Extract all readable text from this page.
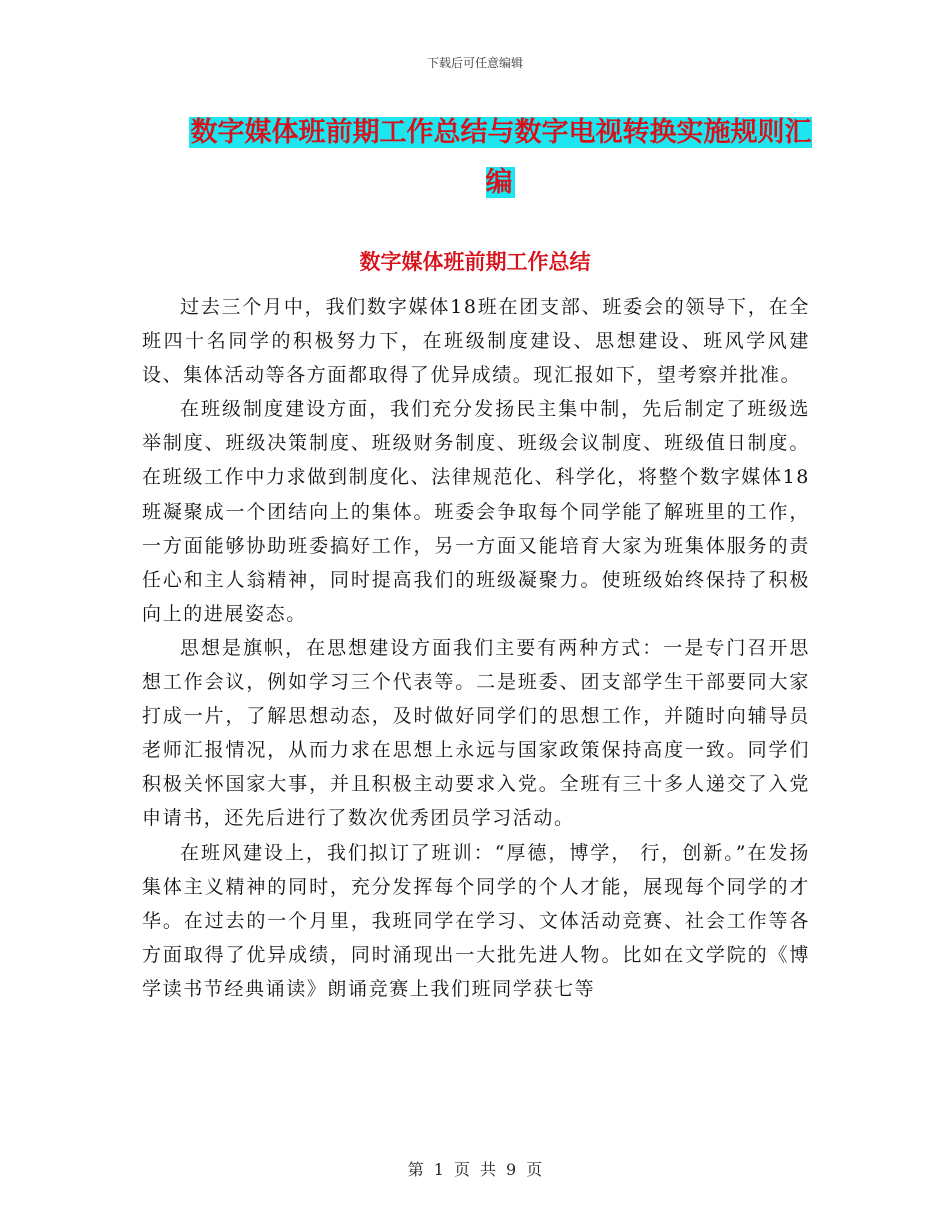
下载后可任意编辑
数字媒体班前期工作总结与数字电视转换实施规则汇编
数字媒体班前期工作总结

过去三个月中，我们数字媒体18班在团支部、班委会的领导下，在全班四十名同学的积极努力下，在班级制度建设、思想建设、班风学风建设、集体活动等各方面都取得了优异成绩。现汇报如下，望考察并批准。

在班级制度建设方面，我们充分发扬民主集中制，先后制定了班级选举制度、班级决策制度、班级财务制度、班级会议制度、班级值日制度。在班级工作中力求做到制度化、法律规范化、科学化，将整个数字媒体18班凝聚成一个团结向上的集体。班委会争取每个同学能了解班里的工作，一方面能够协助班委搞好工作，另一方面又能培育大家为班集体服务的责任心和主人翁精神，同时提高我们的班级凝聚力。使班级始终保持了积极向上的进展姿态。

思想是旗帜，在思想建设方面我们主要有两种方式：一是专门召开思想工作会议，例如学习三个代表等。二是班委、团支部学生干部要同大家打成一片，了解思想动态，及时做好同学们的思想工作，并随时向辅导员老师汇报情况，从而力求在思想上永远与国家政策保持高度一致。同学们积极关怀国家大事，并且积极主动要求入党。全班有三十多人递交了入党申请书，还先后进行了数次优秀团员学习活动。

在班风建设上，我们拟订了班训：“厚德，博学， 行，创新。”在发扬集体主义精神的同时，充分发挥每个同学的个人才能，展现每个同学的才华。在过去的一个月里，我班同学在学习、文体活动竞赛、社会工作等各方面取得了优异成绩，同时涌现出一大批先进人物。比如在文学院的《博学读书节经典诵读》朗诵竞赛上我们班同学获七等

第 1 页 共 9 页
